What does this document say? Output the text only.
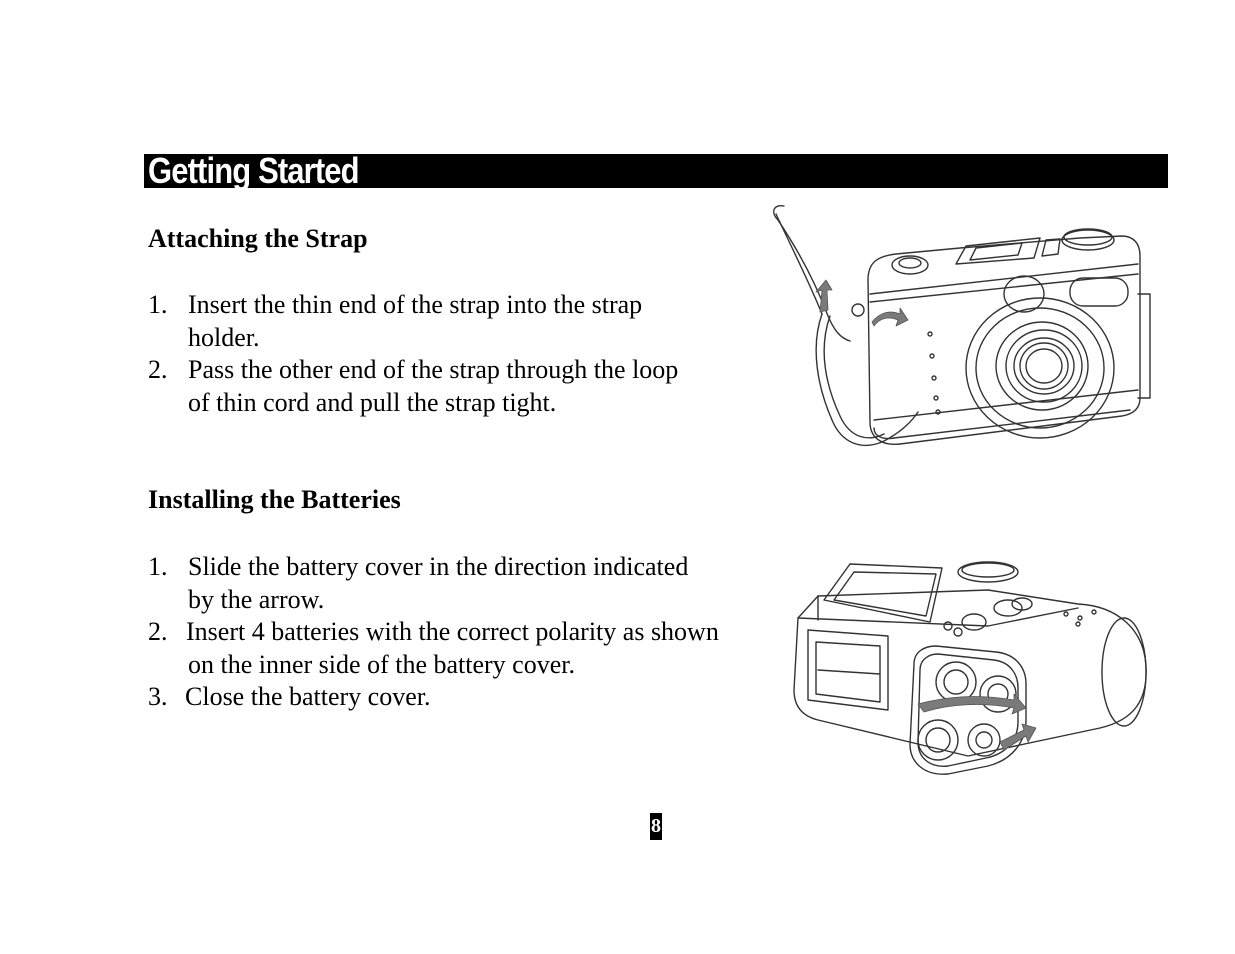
Getting Started
Attaching the Strap
1. Insert the thin end of the strap into the strap
holder.
2. Pass the other end of the strap through the loop
of thin cord and pull the strap tight.
Installing the Batteries
1. Slide the battery cover in the direction indicated
by the arrow.
2. Insert 4 batteries with the correct polarity as shown
on the inner side of the battery cover.
3. Close the battery cover.
8
